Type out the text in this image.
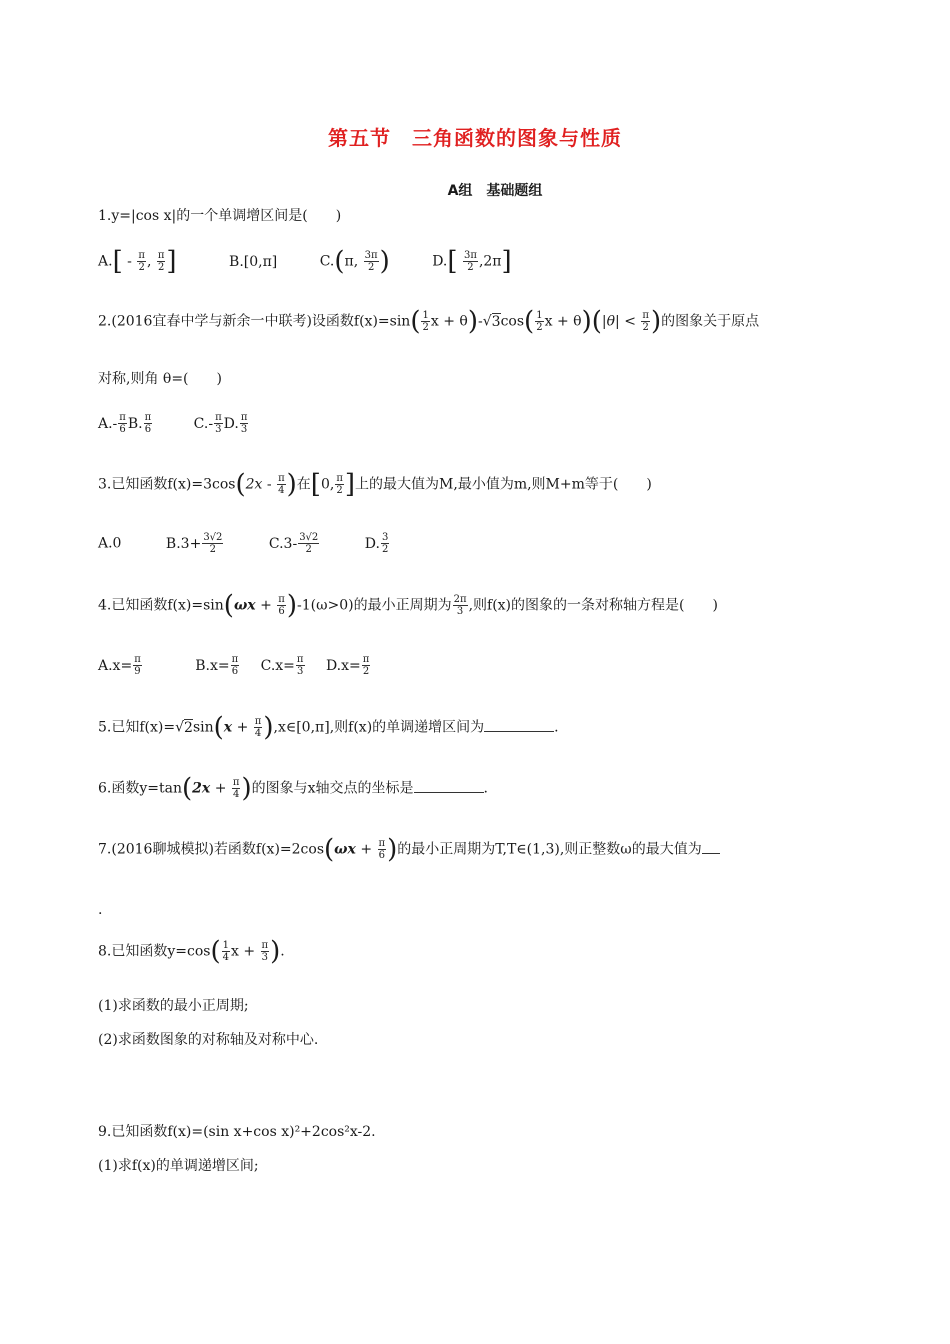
第五节　三角函数的图象与性质
A组　基础题组
1.y=|cos x|的一个单调增区间是(　　)
$A.[ - \frac{\pi}{2}$ , $\frac{\pi}{2}$ ]	B.[0,π]	C.(π, $\frac{3\pi}{2}$ )	$D.[ \frac{3\pi}{2} ,2\pi]$
2.(2016宜春中学与新余一中联考)设函数$f(x)=\sin( \frac{1}{2}$ $x + \theta)-√3\cos( \frac{1}{2}$ $x + \theta)(|\theta| < \frac{\pi}{2}$ )的图象关于原点
对称,则角 θ=(　　)
$A.- \frac{\pi}{6} B$. $\frac{\pi}{6}$	$C.- \frac{\pi}{3} D$. $\frac{\pi}{3}$
3.已知函数$f(x)=3\cos(2x - \frac{\pi}{4}$ )在[0, $\frac{\pi}{2}$ ]上的最大值为M,最小值为m,则M+m等于(　　)
A.0	$B.3+ \frac{3√2}{2}$	$C.3- \frac{3√2}{2}$	D. $\frac{3}{2}$
4.已知函数$f(x)=\sin(\omega x + \frac{\pi}{6} )-1(\omega>0)$的最小正周期为 $\frac{2\pi}{3}$ ,则f(x)的图象的一条对称轴方程是(　　)
$A.x= \frac{\pi}{9}$	$B.x= \frac{\pi}{6} C.x= \frac{\pi}{3} D.x= \frac{\pi}{2}$
5.已知$f(x)=√2\sin(x + \frac{\pi}{4}$ ),x∈[0,π],则f(x)的单调递增区间为	.
6.函数$y=\tan(2x + \frac{\pi}{4}$ )的图象与x轴交点的坐标是	.
7.(2016聊城模拟)若函数$f(x)=2\cos(\omega x + \frac{\pi}{6}$ )的最小正周期为T,T∈(1,3),则正整数ω的最大值为
.
8.已知函数$y=\cos( \frac{1}{4}$ $x + \frac{\pi}{3}$ ).
(1)求函数的最小正周期;
(2)求函数图象的对称轴及对称中心.
9.已知函数f(x)=(sin x+cos x)²+2cos²x-2.
(1)求f(x)的单调递增区间;
